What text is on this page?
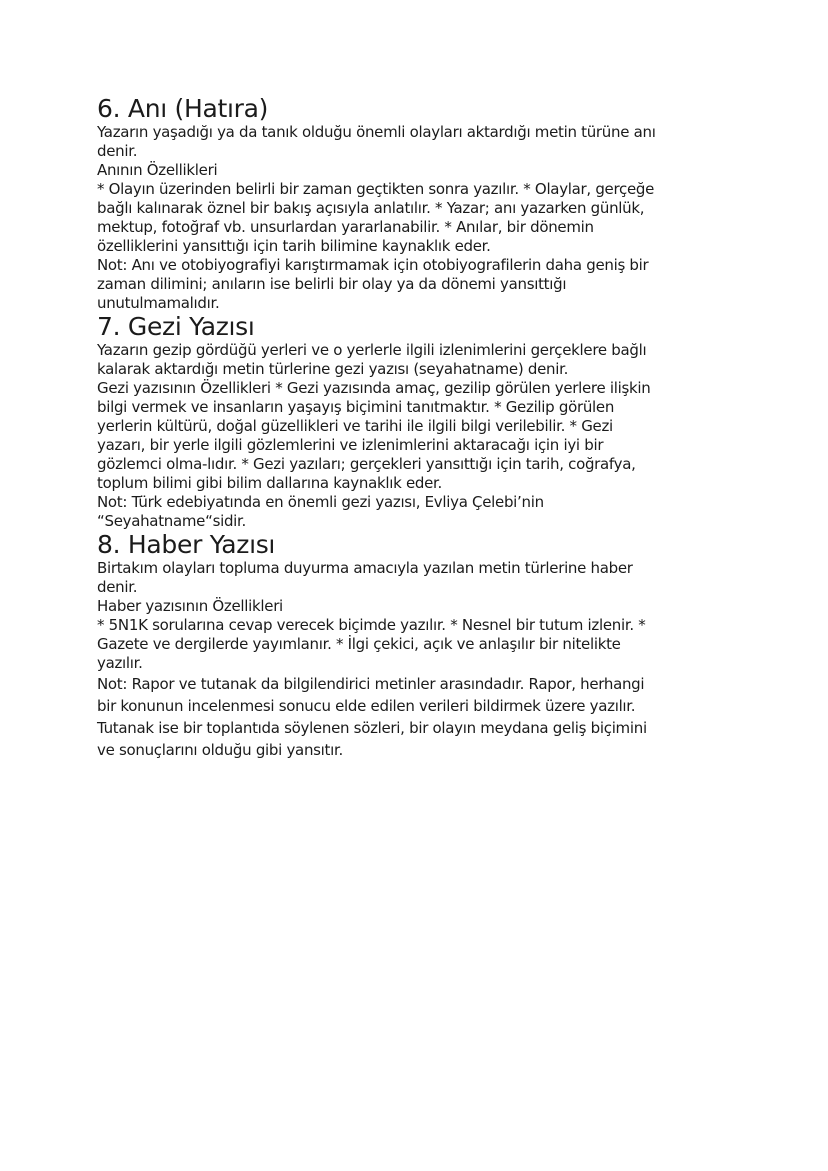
6. Anı (Hatıra)
Yazarın yaşadığı ya da tanık olduğu önemli olayları aktardığı metin türüne anı
denir.
Anının Özellikleri
* Olayın üzerinden belirli bir zaman geçtikten sonra yazılır. * Olaylar, gerçeğe
bağlı kalınarak öznel bir bakış açısıyla anlatılır. * Yazar; anı yazarken günlük,
mektup, fotoğraf vb. unsurlardan yararlanabilir. * Anılar, bir dönemin
özelliklerini yansıttığı için tarih bilimine kaynaklık eder.
Not: Anı ve otobiyografiyi karıştırmamak için otobiyografilerin daha geniş bir
zaman dilimini; anıların ise belirli bir olay ya da dönemi yansıttığı
unutulmamalıdır.
7. Gezi Yazısı
Yazarın gezip gördüğü yerleri ve o yerlerle ilgili izlenimlerini gerçeklere bağlı
kalarak aktardığı metin türlerine gezi yazısı (seyahatname) denir.
Gezi yazısının Özellikleri * Gezi yazısında amaç, gezilip görülen yerlere ilişkin
bilgi vermek ve insanların yaşayış biçimini tanıtmaktır. * Gezilip görülen
yerlerin kültürü, doğal güzellikleri ve tarihi ile ilgili bilgi verilebilir. * Gezi
yazarı, bir yerle ilgili gözlemlerini ve izlenimlerini aktaracağı için iyi bir
gözlemci olma-lıdır. * Gezi yazıları; gerçekleri yansıttığı için tarih, coğrafya,
toplum bilimi gibi bilim dallarına kaynaklık eder.
Not: Türk edebiyatında en önemli gezi yazısı, Evliya Çelebi’nin
“Seyahatname“sidir.
8. Haber Yazısı
Birtakım olayları topluma duyurma amacıyla yazılan metin türlerine haber
denir.
Haber yazısının Özellikleri
* 5N1K sorularına cevap verecek biçimde yazılır. * Nesnel bir tutum izlenir. *
Gazete ve dergilerde yayımlanır. * İlgi çekici, açık ve anlaşılır bir nitelikte
yazılır.
Not: Rapor ve tutanak da bilgilendirici metinler arasındadır. Rapor, herhangi
bir konunun incelenmesi sonucu elde edilen verileri bildirmek üzere yazılır.
Tutanak ise bir toplantıda söylenen sözleri, bir olayın meydana geliş biçimini
ve sonuçlarını olduğu gibi yansıtır.
